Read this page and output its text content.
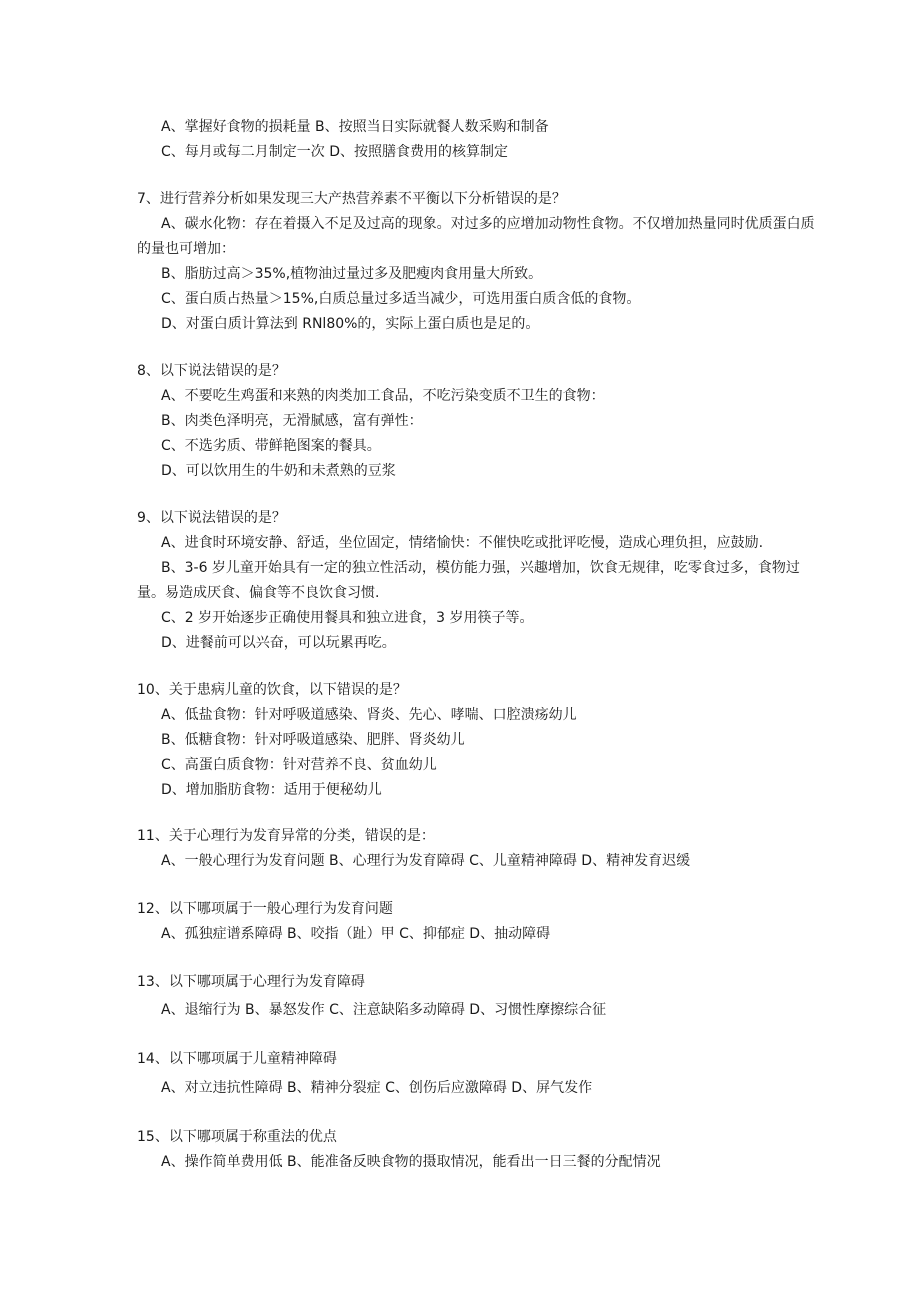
A、掌握好食物的损耗量 B、按照当日实际就餐人数采购和制备
C、每月或每二月制定一次 D、按照膳食费用的核算制定
7、进行营养分析如果发现三大产热营养素不平衡以下分析错误的是？
A、碳水化物：存在着摄入不足及过高的现象。对过多的应增加动物性食物。不仅增加热量同时优质蛋白质
的量也可增加：
B、脂肪过高＞35%,植物油过量过多及肥瘦肉食用量大所致。
C、蛋白质占热量＞15%,白质总量过多适当减少，可选用蛋白质含低的食物。
D、对蛋白质计算法到 RNl80%的，实际上蛋白质也是足的。
8、以下说法错误的是？
A、不要吃生鸡蛋和来熟的肉类加工食品，不吃污染变质不卫生的食物：
B、肉类色泽明亮，无滑腻感，富有弹性：
C、不选劣质、带鲜艳图案的餐具。
D、可以饮用生的牛奶和未煮熟的豆浆
9、以下说法错误的是？
A、进食时环境安静、舒适，坐位固定，情绪愉快：不催快吃或批评吃慢，造成心理负担，应鼓励.
B、3-6 岁儿童开始具有一定的独立性活动，模仿能力强，兴趣增加，饮食无规律，吃零食过多，食物过
量。易造成厌食、偏食等不良饮食习惯.
C、2 岁开始逐步正确使用餐具和独立进食，3 岁用筷子等。
D、进餐前可以兴奋，可以玩累再吃。
10、关于患病儿童的饮食，以下错误的是？
A、低盐食物：针对呼吸道感染、肾炎、先心、哮喘、口腔溃疡幼儿
B、低糖食物：针对呼吸道感染、肥胖、肾炎幼儿
C、高蛋白质食物：针对营养不良、贫血幼儿
D、增加脂肪食物：适用于便秘幼儿
11、关于心理行为发育异常的分类，错误的是：
A、一般心理行为发育问题 B、心理行为发育障碍 C、儿童精神障碍 D、精神发育迟缓
12、以下哪项属于一般心理行为发育问题
A、孤独症谱系障碍 B、咬指（趾）甲 C、抑郁症 D、抽动障碍
13、以下哪项属于心理行为发育障碍
A、退缩行为 B、暴怒发作 C、注意缺陷多动障碍 D、习惯性摩擦综合征
14、以下哪项属于儿童精神障碍
A、对立违抗性障碍 B、精神分裂症 C、创伤后应激障碍 D、屏气发作
15、以下哪项属于称重法的优点
A、操作简单费用低 B、能准备反映食物的摄取情况，能看出一日三餐的分配情况
